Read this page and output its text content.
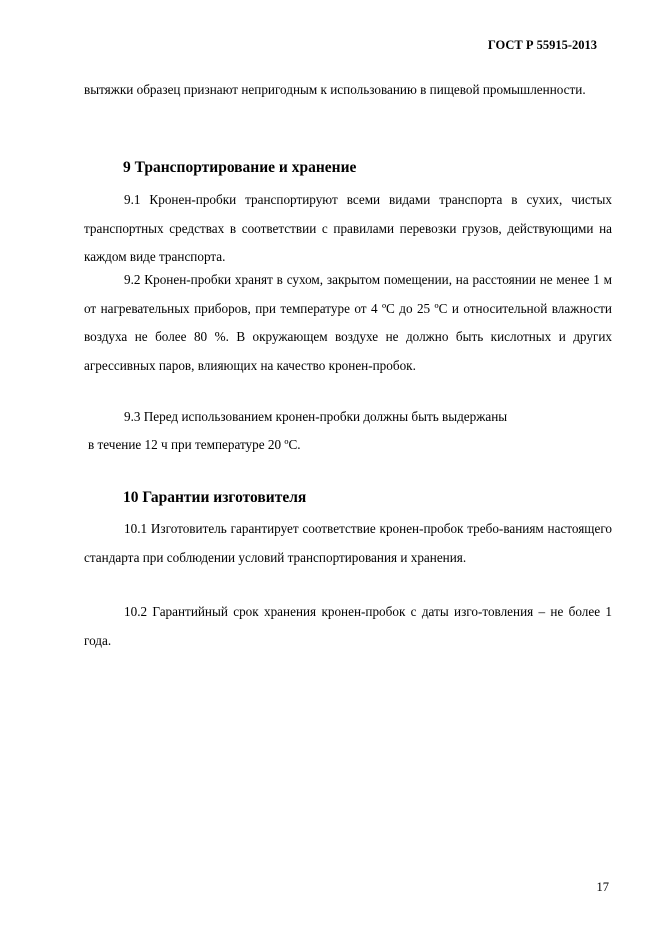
ГОСТ Р 55915-2013
вытяжки образец признают непригодным к использованию в пищевой промышленности.
9 Транспортирование и хранение
9.1 Кронен-пробки транспортируют всеми видами транспорта в сухих, чистых транспортных средствах в соответствии с правилами перевозки грузов, действующими на каждом виде транспорта.
9.2 Кронен-пробки хранят в сухом, закрытом помещении, на расстоянии не менее 1 м от нагревательных приборов, при температуре от 4 ºС до 25 ºС и относительной влажности воздуха не более 80 %. В окружающем воздухе не должно быть кислотных и других агрессивных паров, влияющих на качество кронен-пробок.
9.3 Перед использованием кронен-пробки должны быть выдержаны
в течение 12 ч при температуре 20 ºС.
10 Гарантии изготовителя
10.1 Изготовитель гарантирует соответствие кронен-пробок требо-ваниям настоящего стандарта при соблюдении условий транспортирования и хранения.
10.2 Гарантийный срок хранения кронен-пробок с даты изго-товления – не более 1 года.
17
